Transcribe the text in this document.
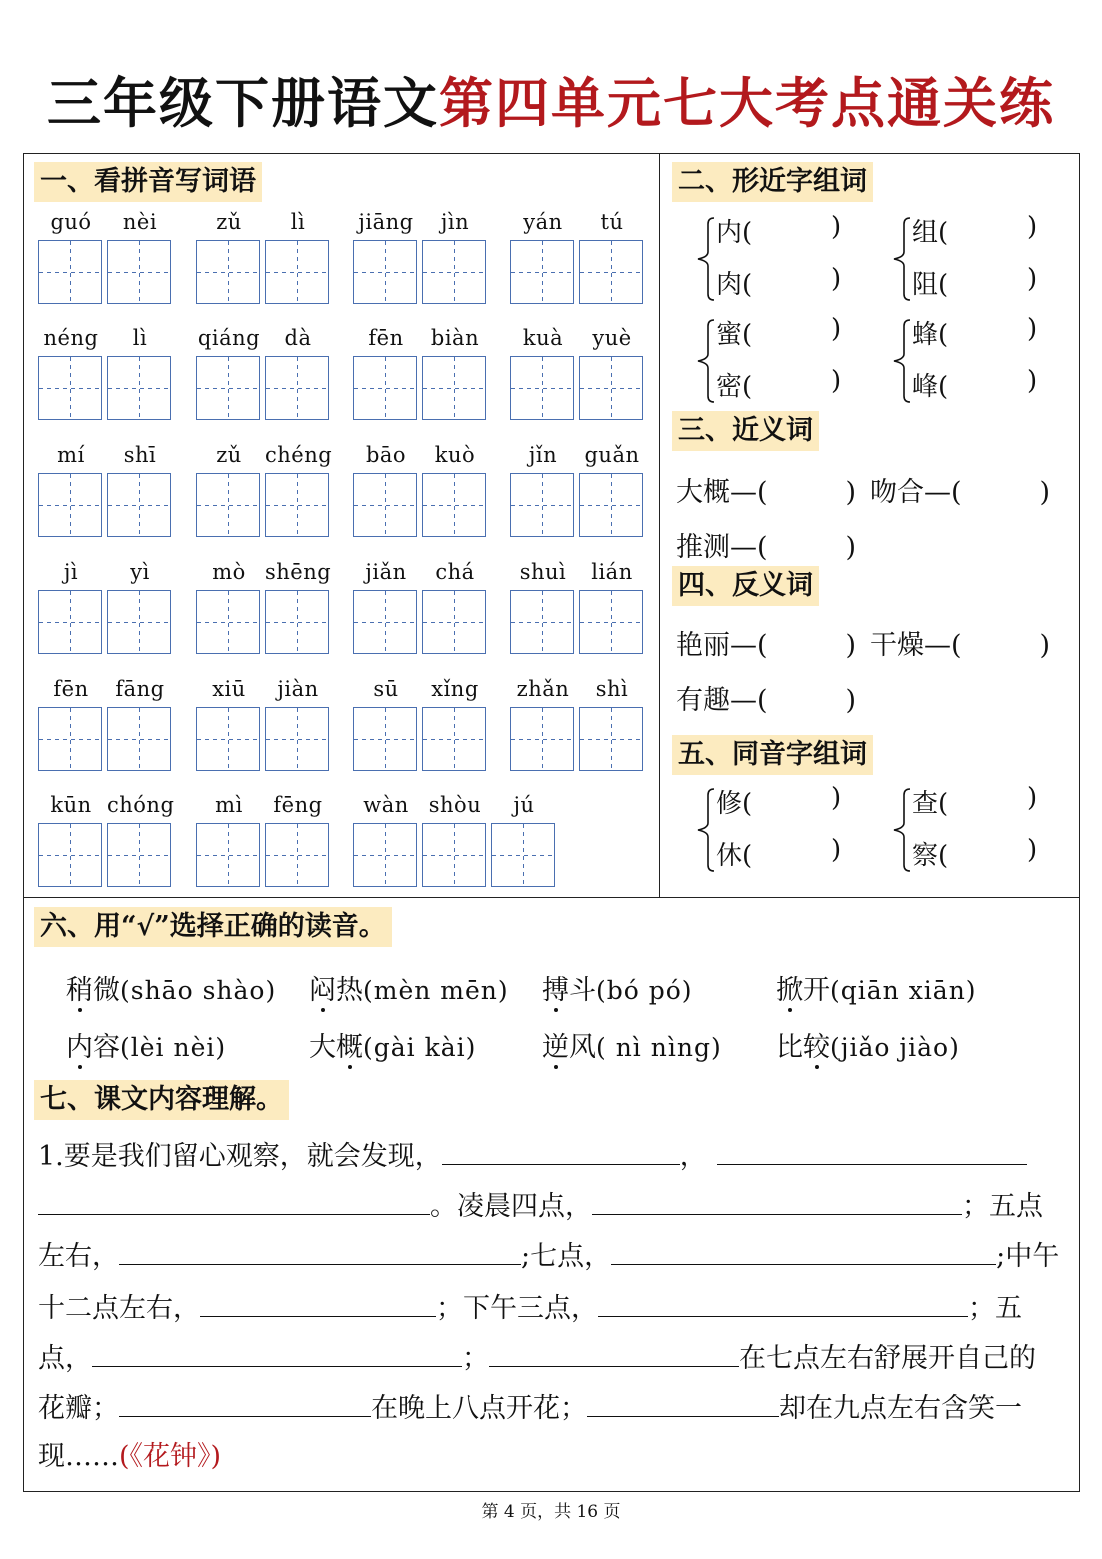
三年级下册语文第四单元七大考点通关练
一、看拼音写词语
guó	nèi	zǔ	lì	jiāng	jìn	yán	tú
néng	lì	qiáng	dà	fēn	biàn	kuà	yuè
mí	shī	zǔ	chéng	bāo	kuò	jǐn	guǎn
jì	yì	mò shēng	jiǎn	chá	shuì	lián
fēn	fāng	xiū	jiàn	sū	xǐng	zhǎn	shì
kūn chóng	mì	fēng	wàn shòu	jú
二、形近字组词
内(	)
肉(	)
组(	)
阻(	)
蜜(	)
密(	)
蜂(	)
峰(	)
三、近义词
大概—(	) 吻合—(	)
推测—(	)
四、反义词
艳丽—(	) 干燥—(	)
有趣—(	)
五、同音字组词
修(	)
休(	)
查(	)
察(	)
六、用“√”选择正确的读音。
稍微(shāo shào) 闷热(mèn mēn) 搏斗(bó pó)	掀开(qiān xiān)
内容(lèi nèi)	大概(gài kài) 逆风( nì nìng) 比较(jiǎo jiào)
七、课文内容理解。
1.要是我们留心观察，就会发现，	，
。凌晨四点，	；五点
左右，	;七点，	;中午
十二点左右，	；下午三点，	；五
点，	；	在七点左右舒展开自己的
花瓣；	在晚上八点开花；	却在九点左右含笑一
现……(《花钟》)
第 4 页，共 16 页
